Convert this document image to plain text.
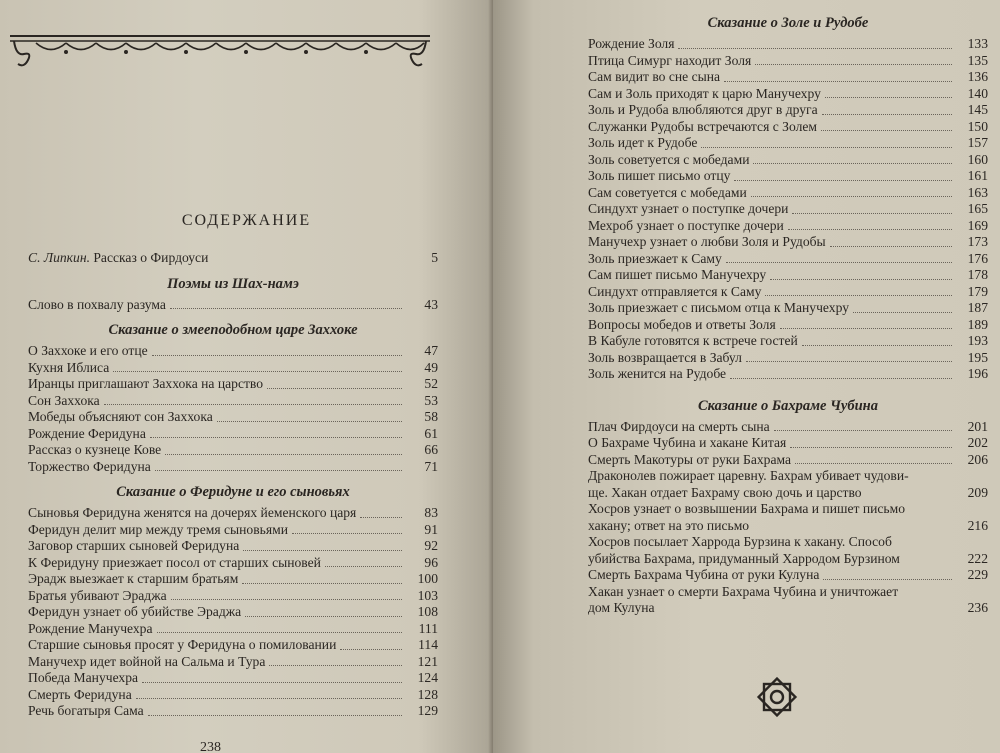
СОДЕРЖАНИЕ
С. Липкин. Рассказ о Фирдоуси	5
Поэмы из Шах-намэ
Слово в похвалу разума	43
Сказание о змееподобном царе Заххоке
О Заххоке и его отце	47
Кухня Иблиса	49
Иранцы приглашают Заххока на царство	52
Сон Заххока	53
Мобеды объясняют сон Заххока	58
Рождение Феридуна	61
Рассказ о кузнеце Кове	66
Торжество Феридуна	71
Сказание о Феридуне и его сыновьях
Сыновья Феридуна женятся на дочерях йеменского царя	83
Феридун делит мир между тремя сыновьями	91
Заговор старших сыновей Феридуна	92
К Феридуну приезжает посол от старших сыновей	96
Эрадж выезжает к старшим братьям	100
Братья убивают Эраджа	103
Феридун узнает об убийстве Эраджа	108
Рождение Манучехра	111
Старшие сыновья просят у Феридуна о помиловании	114
Манучехр идет войной на Сальма и Тура	121
Победа Манучехра	124
Смерть Феридуна	128
Речь богатыря Сама	129
238
Сказание о Золе и Рудобе
Рождение Золя	133
Птица Симург находит Золя	135
Сам видит во сне сына	136
Сам и Золь приходят к царю Манучехру	140
Золь и Рудоба влюбляются друг в друга	145
Служанки Рудобы встречаются с Золем	150
Золь идет к Рудобе	157
Золь советуется с мобедами	160
Золь пишет письмо отцу	161
Сам советуется с мобедами	163
Синдухт узнает о поступке дочери	165
Мехроб узнает о поступке дочери	169
Манучехр узнает о любви Золя и Рудобы	173
Золь приезжает к Саму	176
Сам пишет письмо Манучехру	178
Синдухт отправляется к Саму	179
Золь приезжает с письмом отца к Манучехру	187
Вопросы мобедов и ответы Золя	189
В Кабуле готовятся к встрече гостей	193
Золь возвращается в Забул	195
Золь женится на Рудобе	196
Сказание о Бахраме Чубина
Плач Фирдоуси на смерть сына	201
О Бахраме Чубина и хакане Китая	202
Смерть Макотуры от руки Бахрама	206
Драконолев пожирает царевну. Бахрам убивает чудови-
ще. Хакан отдает Бахраму свою дочь и царство	209
Хосров узнает о возвышении Бахрама и пишет письмо
хакану; ответ на это письмо	216
Хосров посылает Харрода Бурзина к хакану. Способ
убийства Бахрама, придуманный Харродом Бурзином	222
Смерть Бахрама Чубина от руки Кулуна	229
Хакан узнает о смерти Бахрама Чубина и уничтожает
дом Кулуна	236
